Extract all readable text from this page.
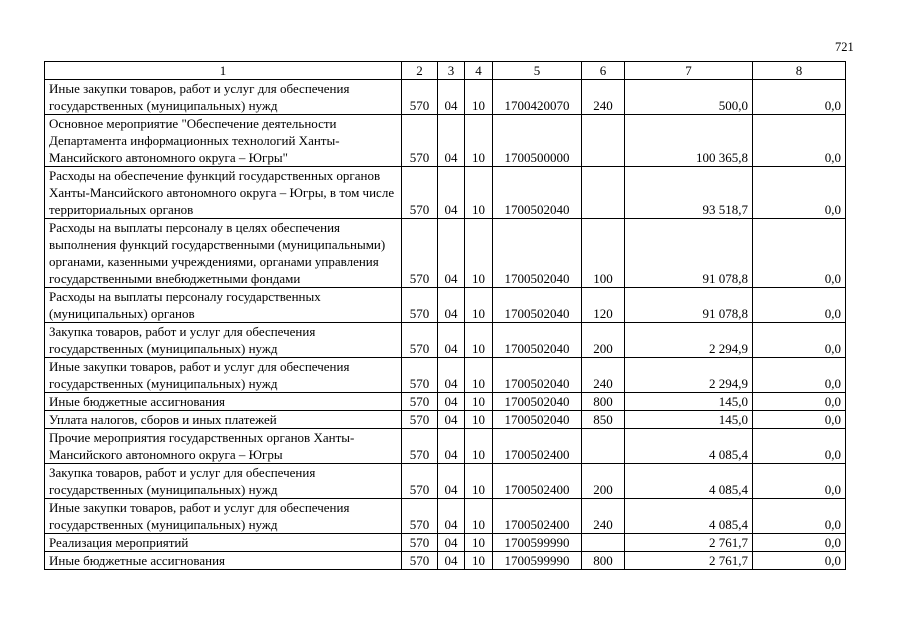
721
1	2	3	4	5	6	7	8
Иные закупки товаров, работ и услуг для обеспечения государственных (муниципальных) нужд	570	04	10	1700420070	240	500,0	0,0
Основное мероприятие "Обеспечение деятельности Департамента информационных технологий Ханты-Мансийского автономного округа – Югры"	570	04	10	1700500000		100 365,8	0,0
Расходы на обеспечение функций государственных органов Ханты-Мансийского автономного округа – Югры, в том числе территориальных органов	570	04	10	1700502040		93 518,7	0,0
Расходы на выплаты персоналу в целях обеспечения выполнения функций государственными (муниципальными) органами, казенными учреждениями, органами управления государственными внебюджетными фондами	570	04	10	1700502040	100	91 078,8	0,0
Расходы на выплаты персоналу государственных (муниципальных) органов	570	04	10	1700502040	120	91 078,8	0,0
Закупка товаров, работ и услуг для обеспечения государственных (муниципальных) нужд	570	04	10	1700502040	200	2 294,9	0,0
Иные закупки товаров, работ и услуг для обеспечения государственных (муниципальных) нужд	570	04	10	1700502040	240	2 294,9	0,0
Иные бюджетные ассигнования	570	04	10	1700502040	800	145,0	0,0
Уплата налогов, сборов и иных платежей	570	04	10	1700502040	850	145,0	0,0
Прочие мероприятия государственных органов Ханты-Мансийского автономного округа – Югры	570	04	10	1700502400		4 085,4	0,0
Закупка товаров, работ и услуг для обеспечения государственных (муниципальных) нужд	570	04	10	1700502400	200	4 085,4	0,0
Иные закупки товаров, работ и услуг для обеспечения государственных (муниципальных) нужд	570	04	10	1700502400	240	4 085,4	0,0
Реализация мероприятий	570	04	10	1700599990		2 761,7	0,0
Иные бюджетные ассигнования	570	04	10	1700599990	800	2 761,7	0,0
